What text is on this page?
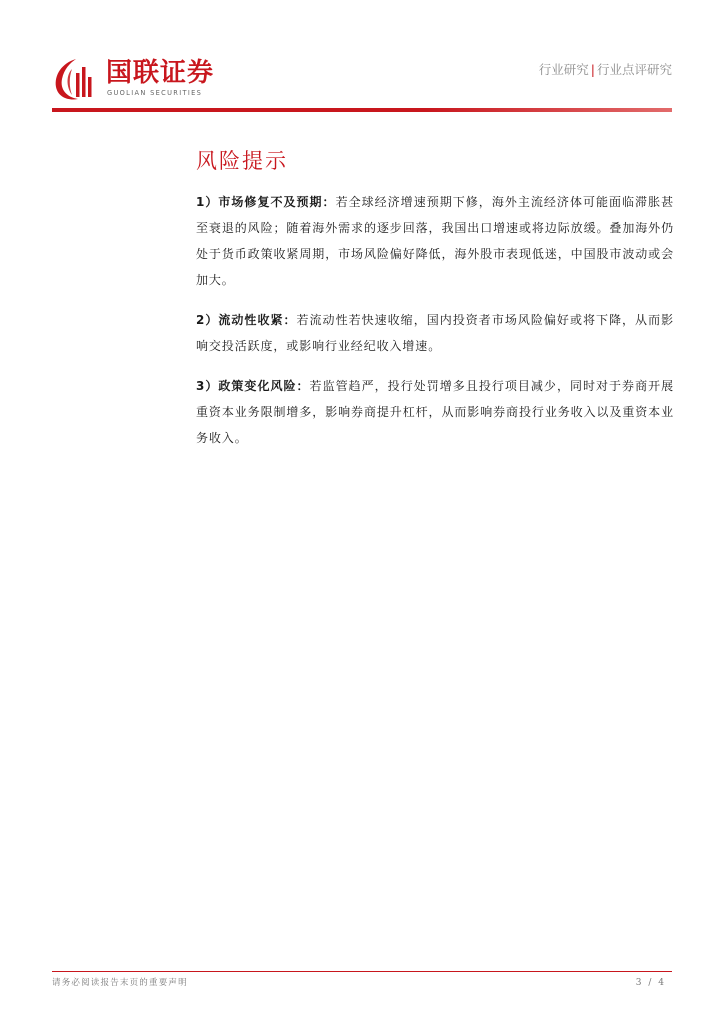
国联证券
GUOLIAN SECURITIES
行业研究 | 行业点评研究
风险提示

1）市场修复不及预期：若全球经济增速预期下修，海外主流经济体可能面临滞胀甚至衰退的风险；随着海外需求的逐步回落，我国出口增速或将边际放缓。叠加海外仍处于货币政策收紧周期，市场风险偏好降低，海外股市表现低迷，中国股市波动或会加大。

2）流动性收紧：若流动性若快速收缩，国内投资者市场风险偏好或将下降，从而影响交投活跃度，或影响行业经纪收入增速。

3）政策变化风险：若监管趋严，投行处罚增多且投行项目减少，同时对于券商开展重资本业务限制增多，影响券商提升杠杆，从而影响券商投行业务收入以及重资本业务收入。

请务必阅读报告末页的重要声明	3 / 4
